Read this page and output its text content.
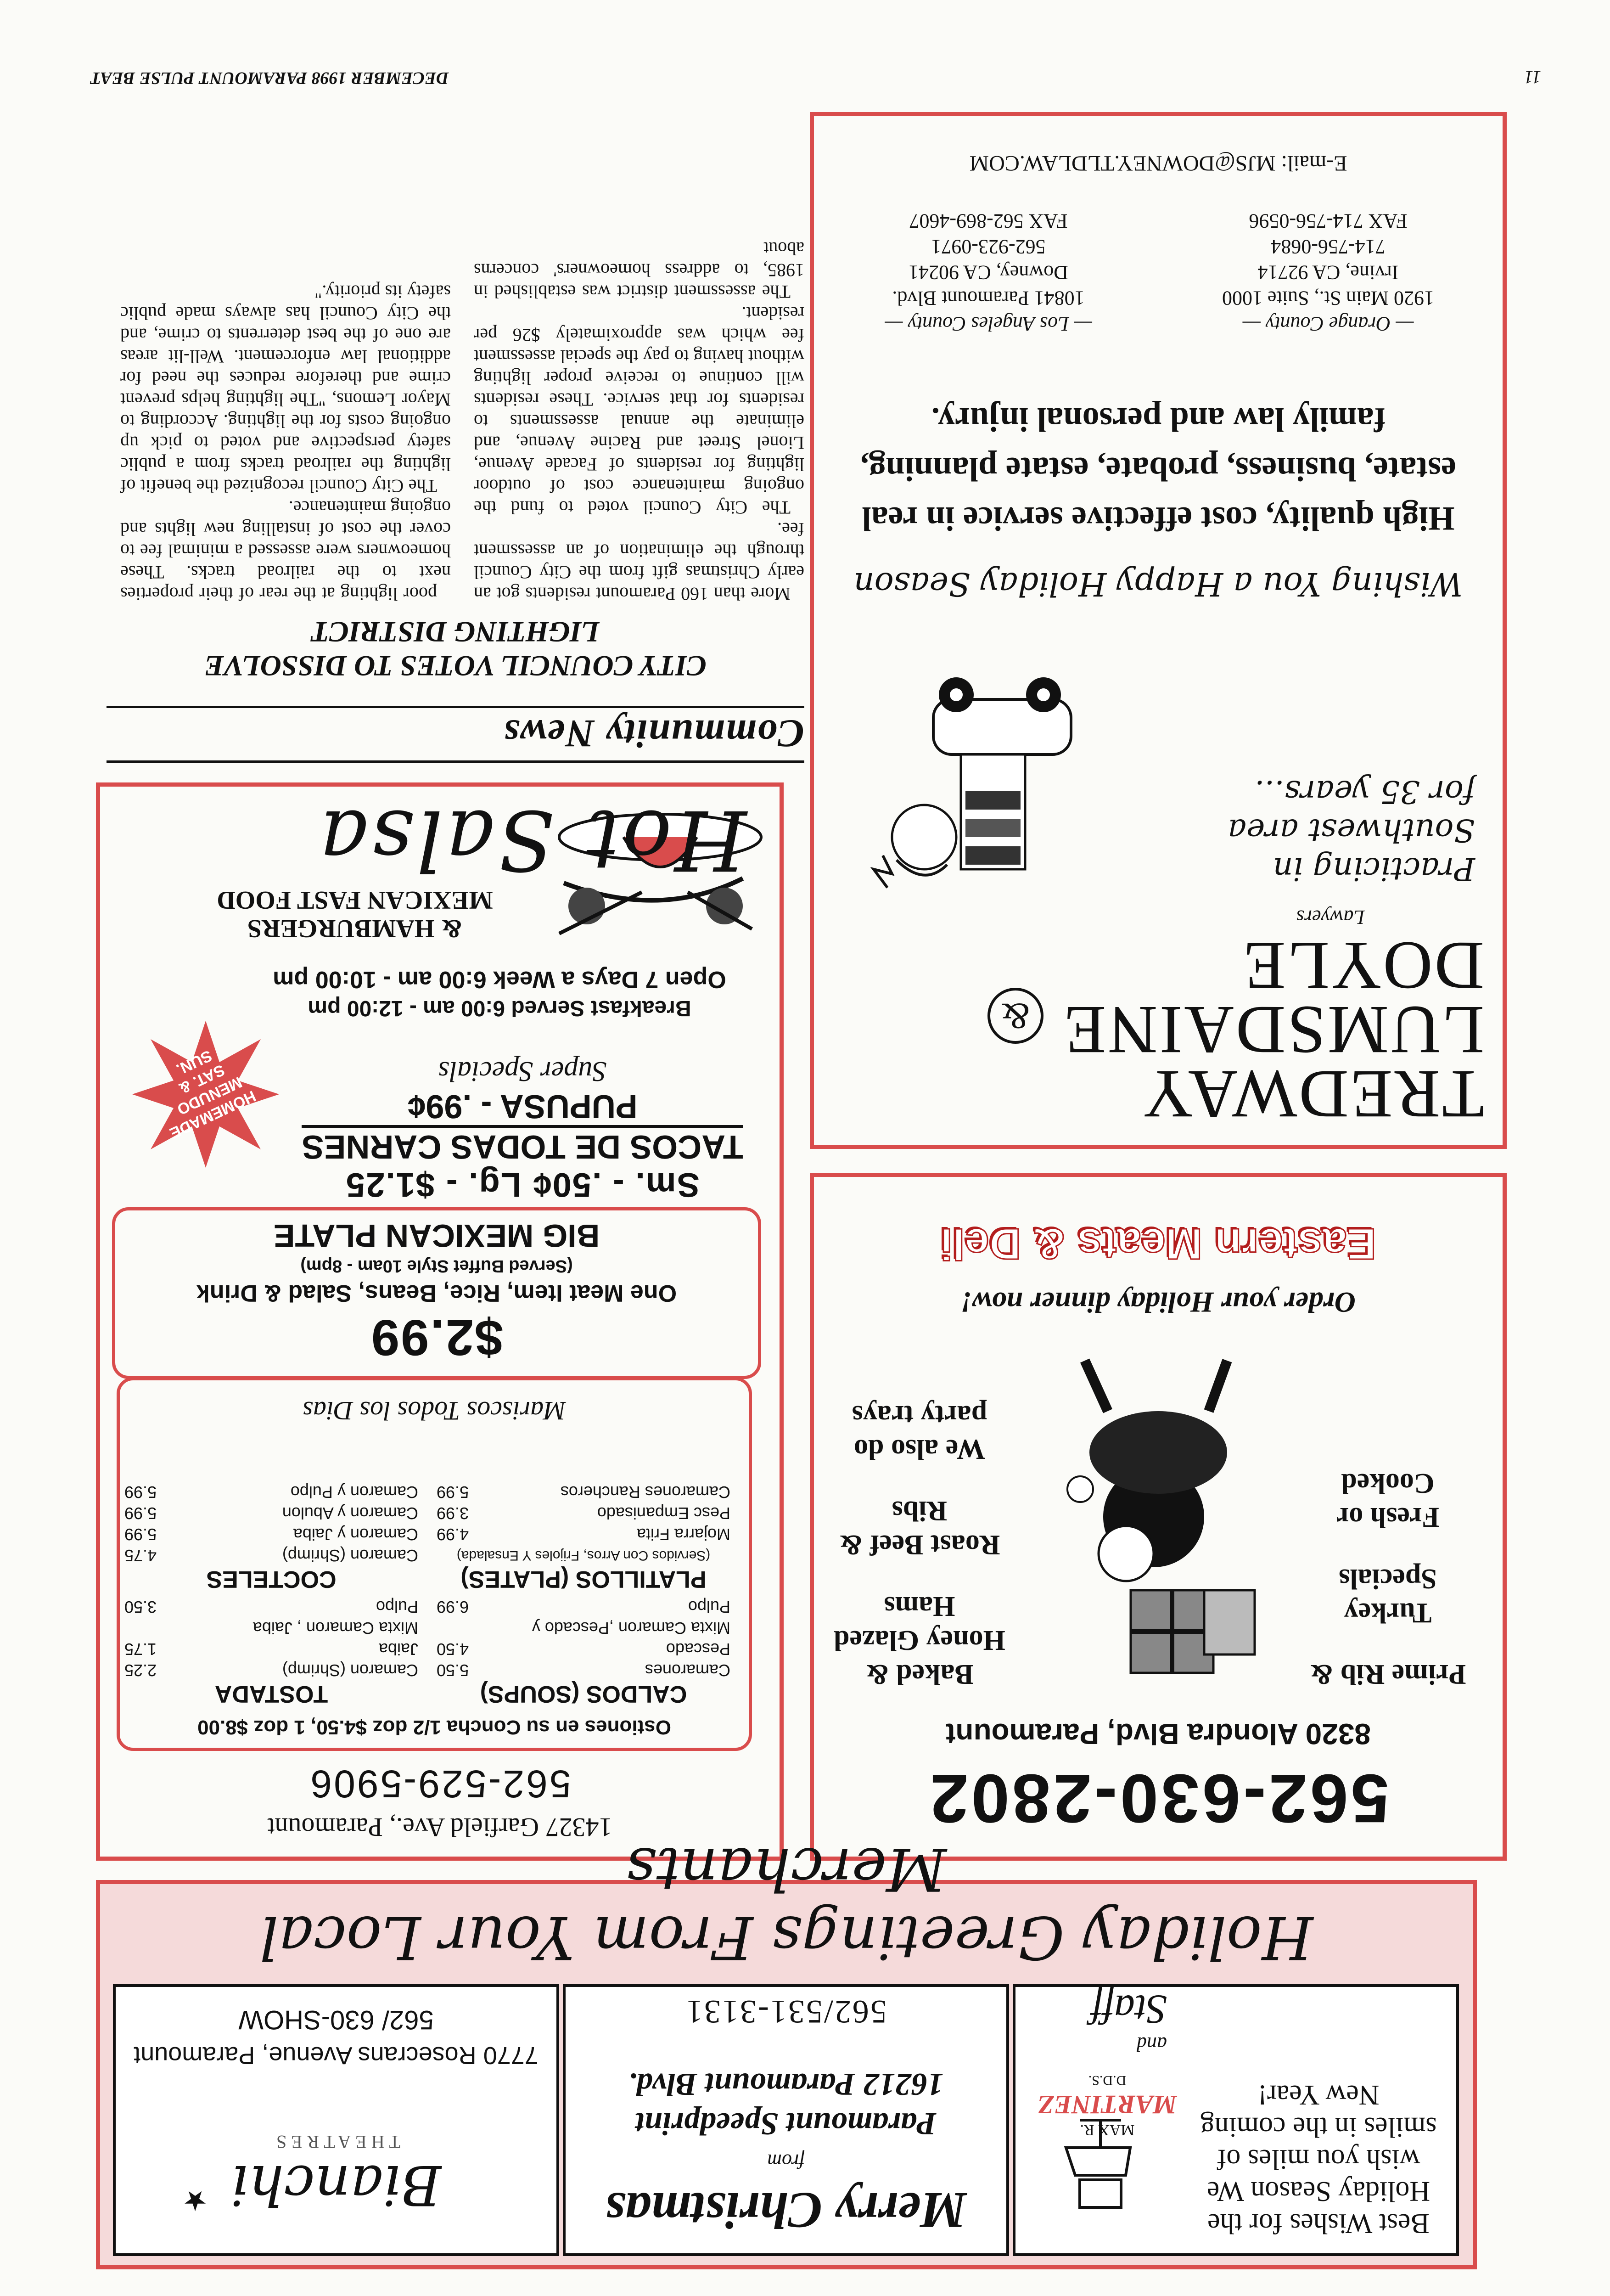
11
DECEMBER 1998 PARAMOUNT PULSE BEAT
Community News
CITY COUNCIL VOTES TO DISSOLVE
LIGHTING DISTRICT

More than 160 Paramount residents got an early Christmas gift from the City Council through the elimination of an assessment fee.

The City Council voted to fund the ongoing maintenance cost of outdoor lighting for residents of Facade Avenue, Lionel Street and Racine Avenue, and eliminate the annual assessments to residents for that service. These residents will continue to receive proper lighting without having to pay the special assessment fee which was approximately $26 per resident.

The assessment district was established in 1985, to address homeowners' concerns about

poor lighting at the rear of their properties next to the railroad tracks. These homeowners were assessed a minimal fee to cover the cost of installing new lights and ongoing maintenance.

The City Council recognized the benefit of lighting the railroad tracks from a public safety perspective and voted to pick up ongoing costs for the lighting. According to Mayor Lemons, "The lighting helps prevent crime and therefore reduces the need for additional law enforcement. Well-lit areas are one of the best deterrents to crime, and the City Council has always made public safety its priority."

TREDWAY
LUMSDAINE
DOYLE
&
Lawyers
Practicing in Southwest area for 35 years...
Wishing You a Happy Holiday Season
High quality, cost effective service in real estate, business, probate, estate planning, family law and personal injury.
— Orange County —
1920 Main St., Suite 1000
Irvine, CA 92714
714-756-0684
FAX 714-756-0596
— Los Angeles County —
10841 Paramount Blvd.
Downey, CA 90241
562-923-0971
FAX 562-869-4607
E-mail: MJS@DOWNEY.TLDLAW.COM
562-630-2802
8320 Alondra Blvd, Paramount

Prime Rib &

Turkey Specials

Fresh or Cooked

Baked & Honey Glazed Hams

Roast Beef & Ribs

We also do party trays

Order your Holiday dinner now!
Eastern Meats & Deli
14327 Garfield Ave., Paramount
562-529-5906
Ostiones en su Concha 1/2 doz $4.50, 1 doz $8.00
CALDOS (SOUPS)
Camarones
5.50
Pescado
4.50
Mixta Camaron ,Pescado y
Pulpo
6.99
PLATILLOS (PLATES)
(Servidos Con Arros, Frijoles Y Ensalada)
Mojarra Frita
4.99
Pesc Empanisado
3.99
Camarones Rancheros
5.99
TOSTADA
Camaron (Shrimp)
2.25
Jaiba
1.75
Mixta Camaron , Jaiba
Pulpo
3.50
COCTELES
Camaron (Shrimp)
4.75
Camaron y Jaiba
5.99
Camaron y Abulon
5.99
Camaron y Pulpo
5.99
Mariscos Todos los Dias
$2.99
One Meat Item, Rice, Beans, Salad & Drink
(Served Buffet Style 10am - 8pm)
BIG MEXICAN PLATE
Sm. - .50¢ Lg. - $1.25
TACOS DE TODAS CARNES
PUPUSA - .99¢
Super Specials
HOMEMADE MENUDO SAT. & SUN.
Breakfast Served 6:00 am - 12:00 pm
Open 7 Days a Week 6:00 am - 10:00 pm
& HAMBURGERS
MEXICAN FAST FOOD
Hot Salsa
Best Wishes for the Holiday Season We wish you miles of smiles in the coming New Year!
MAX R.
MARTINEZ
D.D.S.
and
Staff
Merry Christmas
from
Paramount Speedprint
16212 Paramount Blvd.
562/531-3131
Bianchi
THEATRES
★
7770 Rosecrans Avenue, Paramount
562/ 630-SHOW
Holiday Greetings From Your Local Merchants
